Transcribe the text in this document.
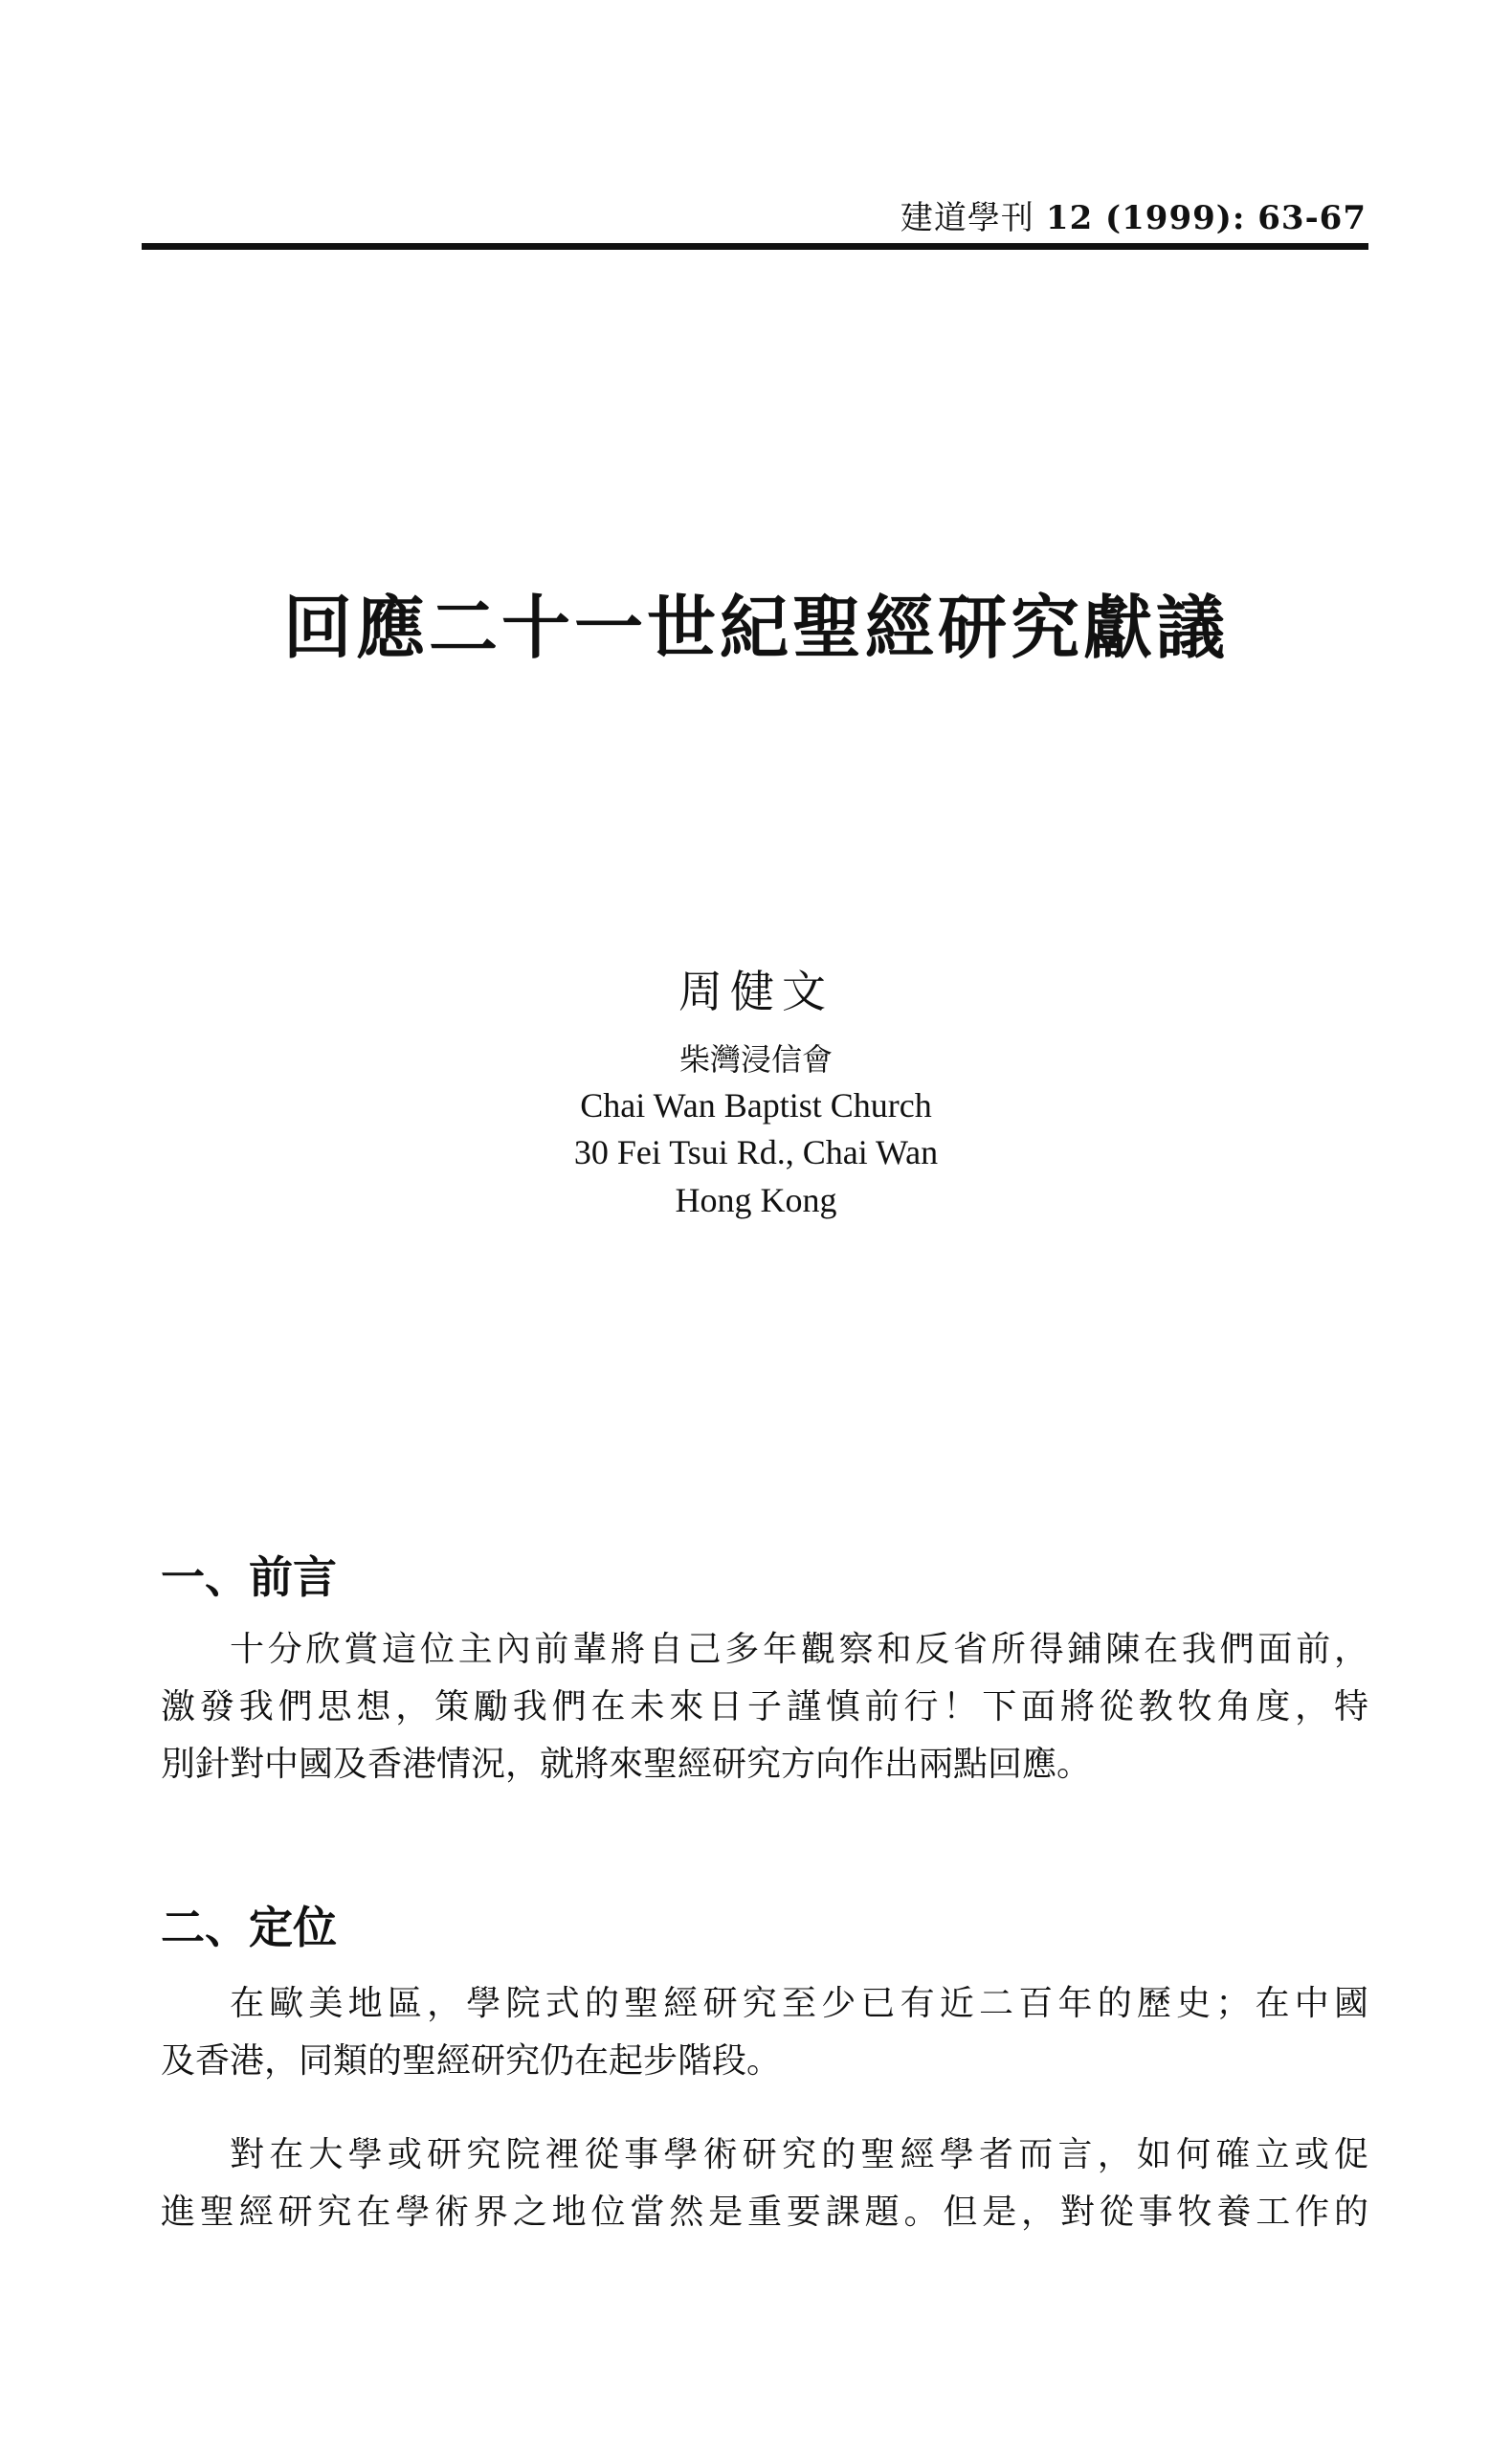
建道學刊 12 (1999): 63-67
回應二十一世紀聖經研究獻議
周健文
柴灣浸信會
Chai Wan Baptist Church
30 Fei Tsui Rd., Chai Wan
Hong Kong
一、前言
十分欣賞這位主內前輩將自己多年觀察和反省所得鋪陳在我們面前，
激發我們思想，策勵我們在未來日子謹慎前行！下面將從教牧角度，特
別針對中國及香港情況，就將來聖經研究方向作出兩點回應。
二、定位
在歐美地區，學院式的聖經研究至少已有近二百年的歷史；在中國
及香港，同類的聖經研究仍在起步階段。
對在大學或研究院裡從事學術研究的聖經學者而言，如何確立或促
進聖經研究在學術界之地位當然是重要課題。但是，對從事牧養工作的
